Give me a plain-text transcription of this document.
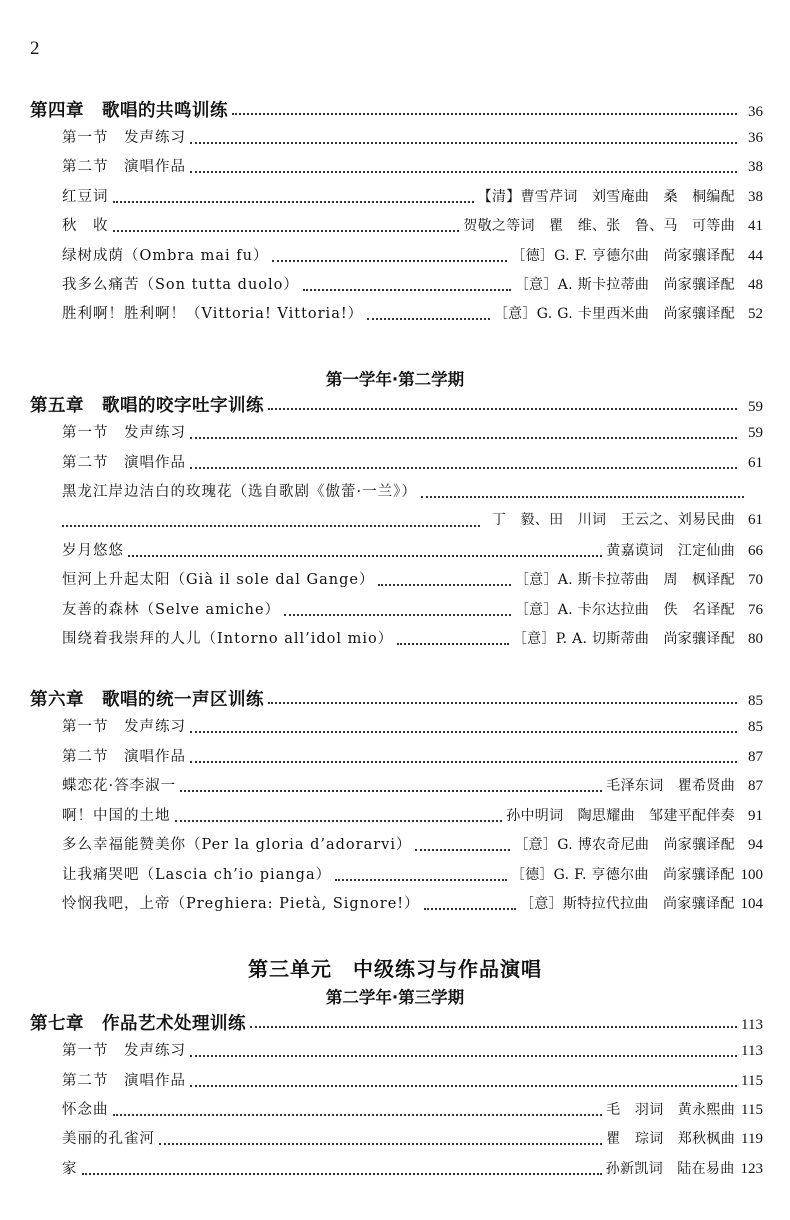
2
第四章　歌唱的共鸣训练	36
第一节　发声练习	36
第二节　演唱作品	38
红豆词	【清】曹雪芹词　刘雪庵曲　桑　桐编配 38
秋　收	贺敬之等词　瞿　维、张　鲁、马　可等曲 41
绿树成荫（Ombra mai fu）	［德］G. F. 亨德尔曲　尚家骧译配 44
我多么痛苦（Son tutta duolo）	［意］A. 斯卡拉蒂曲　尚家骧译配 48
胜利啊！胜利啊！（Vittoria! Vittoria!）	［意］G. G. 卡里西米曲　尚家骧译配 52
第一学年·第二学期
第五章　歌唱的咬字吐字训练	59
第一节　发声练习	59
第二节　演唱作品	61
黑龙江岸边洁白的玫瑰花（选自歌剧《傲蕾·一兰》）
丁　毅、田　川词　王云之、刘易民曲 61
岁月悠悠	黄嘉谟词　江定仙曲 66
恒河上升起太阳（Già il sole dal Gange）	［意］A. 斯卡拉蒂曲　周　枫译配 70
友善的森林（Selve amiche）	［意］A. 卡尔达拉曲　佚　名译配 76
围绕着我崇拜的人儿（Intorno all’idol mio）	［意］P. A. 切斯蒂曲　尚家骧译配 80
第六章　歌唱的统一声区训练	85
第一节　发声练习	85
第二节　演唱作品	87
蝶恋花·答李淑一	毛泽东词　瞿希贤曲 87
啊！中国的土地	孙中明词　陶思耀曲　邹建平配伴奏 91
多么幸福能赞美你（Per la gloria d’adorarvi）	［意］G. 博农奇尼曲　尚家骧译配 94
让我痛哭吧（Lascia ch’io pianga）	［德］G. F. 亨德尔曲　尚家骧译配 100
怜悯我吧，上帝（Preghiera: Pietà, Signore!）	［意］斯特拉代拉曲　尚家骧译配 104
第三单元　中级练习与作品演唱
第二学年·第三学期
第七章　作品艺术处理训练	113
第一节　发声练习	113
第二节　演唱作品	115
怀念曲	毛　羽词　黄永熙曲 115
美丽的孔雀河	瞿　琮词　郑秋枫曲 119
家	孙新凯词　陆在易曲 123
